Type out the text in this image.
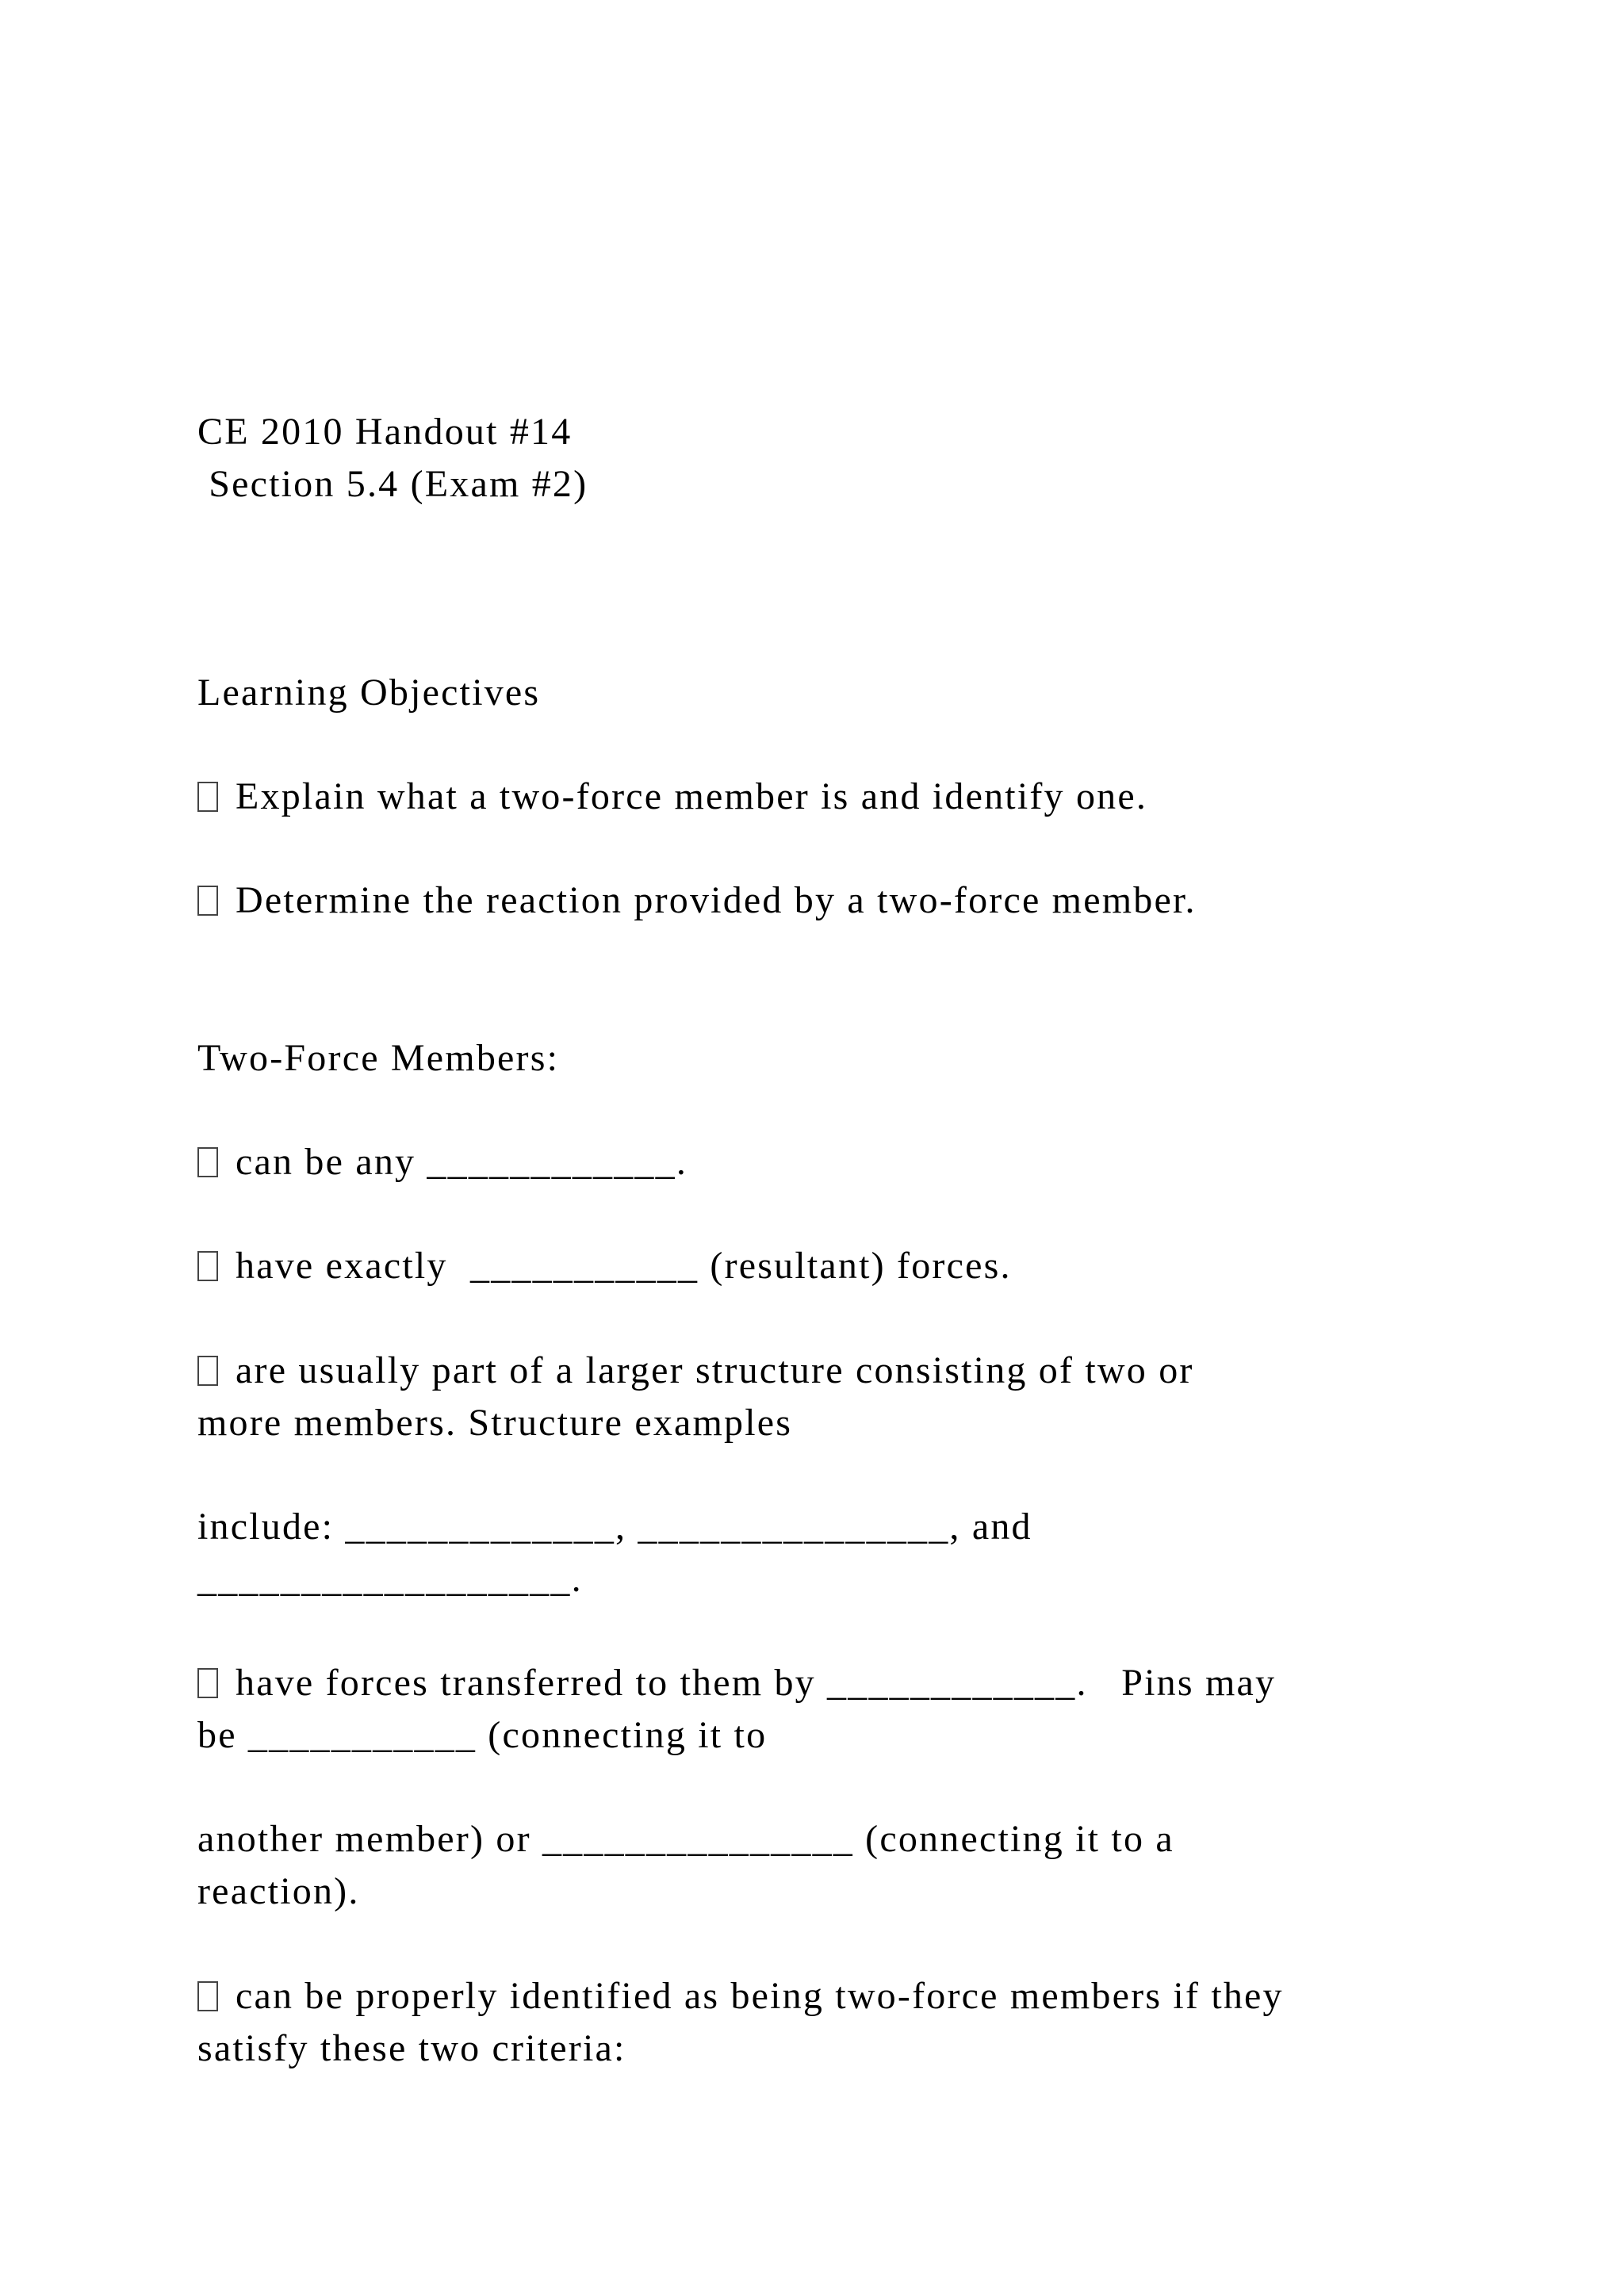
CE 2010 Handout #14
Section 5.4 (Exam #2)
Learning Objectives
Explain what a two-force member is and identify one.
Determine the reaction provided by a two-force member.
Two-Force Members:
can be any ____________.
have exactly  ___________ (resultant) forces.
are usually part of a larger structure consisting of two or
more members. Structure examples
include: _____________, _______________, and
__________________.
have forces transferred to them by ____________.   Pins may
be ___________ (connecting it to
another member) or _______________ (connecting it to a
reaction).
can be properly identified as being two-force members if they
satisfy these two criteria:
